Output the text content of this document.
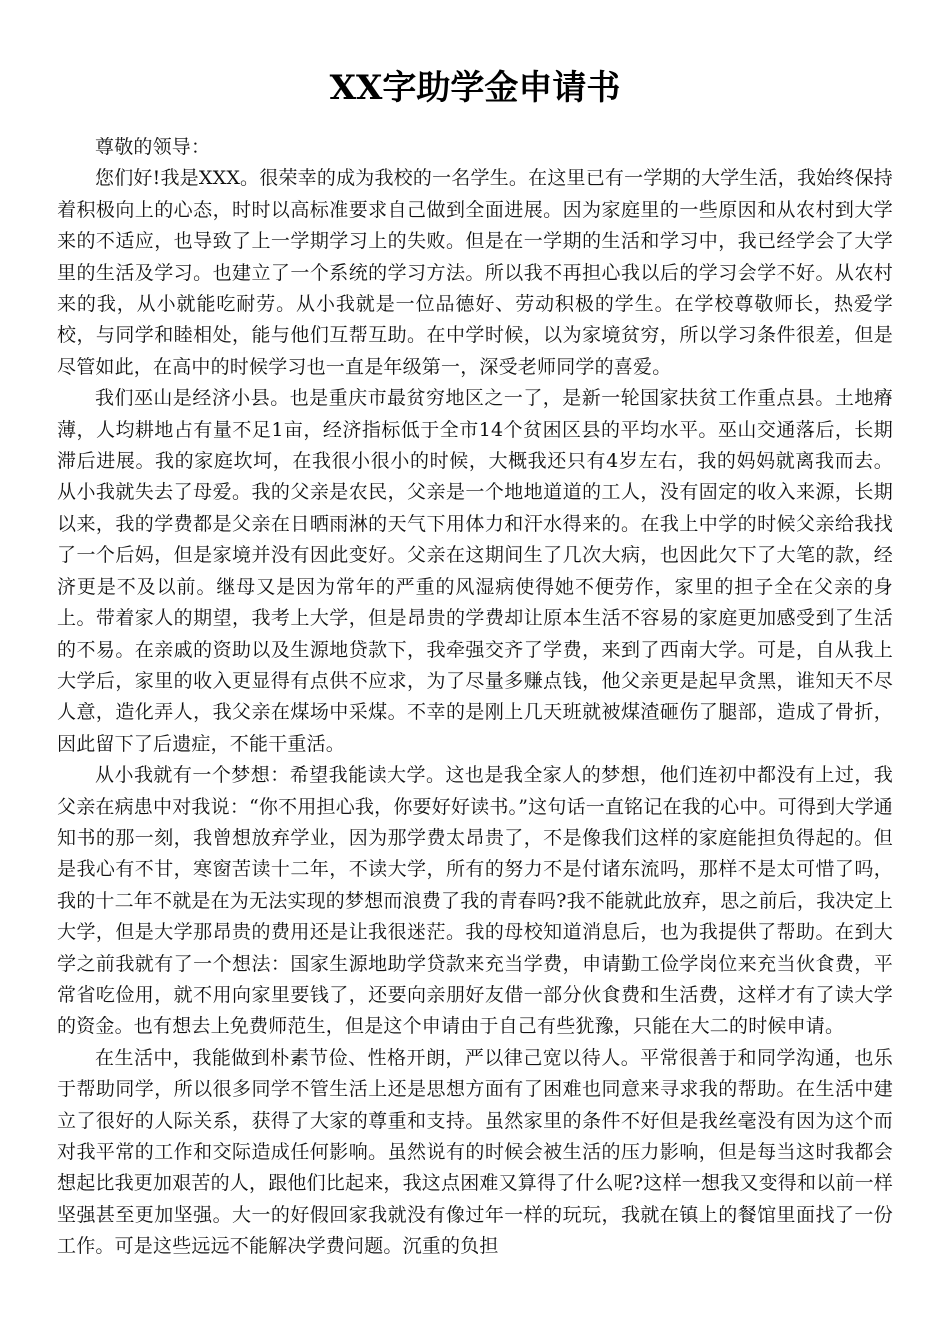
XX字助学金申请书

尊敬的领导：

您们好!我是XXX。很荣幸的成为我校的一名学生。在这里已有一学期的大学生活，我始终保持着积极向上的心态，时时以高标准要求自己做到全面进展。因为家庭里的一些原因和从农村到大学来的不适应，也导致了上一学期学习上的失败。但是在一学期的生活和学习中，我已经学会了大学里的生活及学习。也建立了一个系统的学习方法。所以我不再担心我以后的学习会学不好。从农村来的我，从小就能吃耐劳。从小我就是一位品德好、劳动积极的学生。在学校尊敬师长，热爱学校，与同学和睦相处，能与他们互帮互助。在中学时候，以为家境贫穷，所以学习条件很差，但是尽管如此，在高中的时候学习也一直是年级第一，深受老师同学的喜爱。

我们巫山是经济小县。也是重庆市最贫穷地区之一了，是新一轮国家扶贫工作重点县。土地瘠薄，人均耕地占有量不足1亩，经济指标低于全市14个贫困区县的平均水平。巫山交通落后，长期滞后进展。我的家庭坎坷，在我很小很小的时候，大概我还只有4岁左右，我的妈妈就离我而去。从小我就失去了母爱。我的父亲是农民，父亲是一个地地道道的工人，没有固定的收入来源，长期以来，我的学费都是父亲在日晒雨淋的天气下用体力和汗水得来的。在我上中学的时候父亲给我找了一个后妈，但是家境并没有因此变好。父亲在这期间生了几次大病，也因此欠下了大笔的款，经济更是不及以前。继母又是因为常年的严重的风湿病使得她不便劳作，家里的担子全在父亲的身上。带着家人的期望，我考上大学，但是昂贵的学费却让原本生活不容易的家庭更加感受到了生活的不易。在亲戚的资助以及生源地贷款下，我牵强交齐了学费，来到了西南大学。可是，自从我上大学后，家里的收入更显得有点供不应求，为了尽量多赚点钱，他父亲更是起早贪黑，谁知天不尽人意，造化弄人，我父亲在煤场中采煤。不幸的是刚上几天班就被煤渣砸伤了腿部，造成了骨折，因此留下了后遗症，不能干重活。

从小我就有一个梦想：希望我能读大学。这也是我全家人的梦想，他们连初中都没有上过，我父亲在病患中对我说：“你不用担心我，你要好好读书。”这句话一直铭记在我的心中。可得到大学通知书的那一刻，我曾想放弃学业，因为那学费太昂贵了，不是像我们这样的家庭能担负得起的。但是我心有不甘，寒窗苦读十二年，不读大学，所有的努力不是付诸东流吗，那样不是太可惜了吗，我的十二年不就是在为无法实现的梦想而浪费了我的青春吗?我不能就此放弃，思之前后，我决定上大学，但是大学那昂贵的费用还是让我很迷茫。我的母校知道消息后，也为我提供了帮助。在到大学之前我就有了一个想法：国家生源地助学贷款来充当学费，申请勤工俭学岗位来充当伙食费，平常省吃俭用，就不用向家里要钱了，还要向亲朋好友借一部分伙食费和生活费，这样才有了读大学的资金。也有想去上免费师范生，但是这个申请由于自己有些犹豫，只能在大二的时候申请。

在生活中，我能做到朴素节俭、性格开朗，严以律己宽以待人。平常很善于和同学沟通，也乐于帮助同学，所以很多同学不管生活上还是思想方面有了困难也同意来寻求我的帮助。在生活中建立了很好的人际关系，获得了大家的尊重和支持。虽然家里的条件不好但是我丝毫没有因为这个而对我平常的工作和交际造成任何影响。虽然说有的时候会被生活的压力影响，但是每当这时我都会想起比我更加艰苦的人，跟他们比起来，我这点困难又算得了什么呢?这样一想我又变得和以前一样坚强甚至更加坚强。大一的好假回家我就没有像过年一样的玩玩，我就在镇上的餐馆里面找了一份工作。可是这些远远不能解决学费问题。沉重的负担
